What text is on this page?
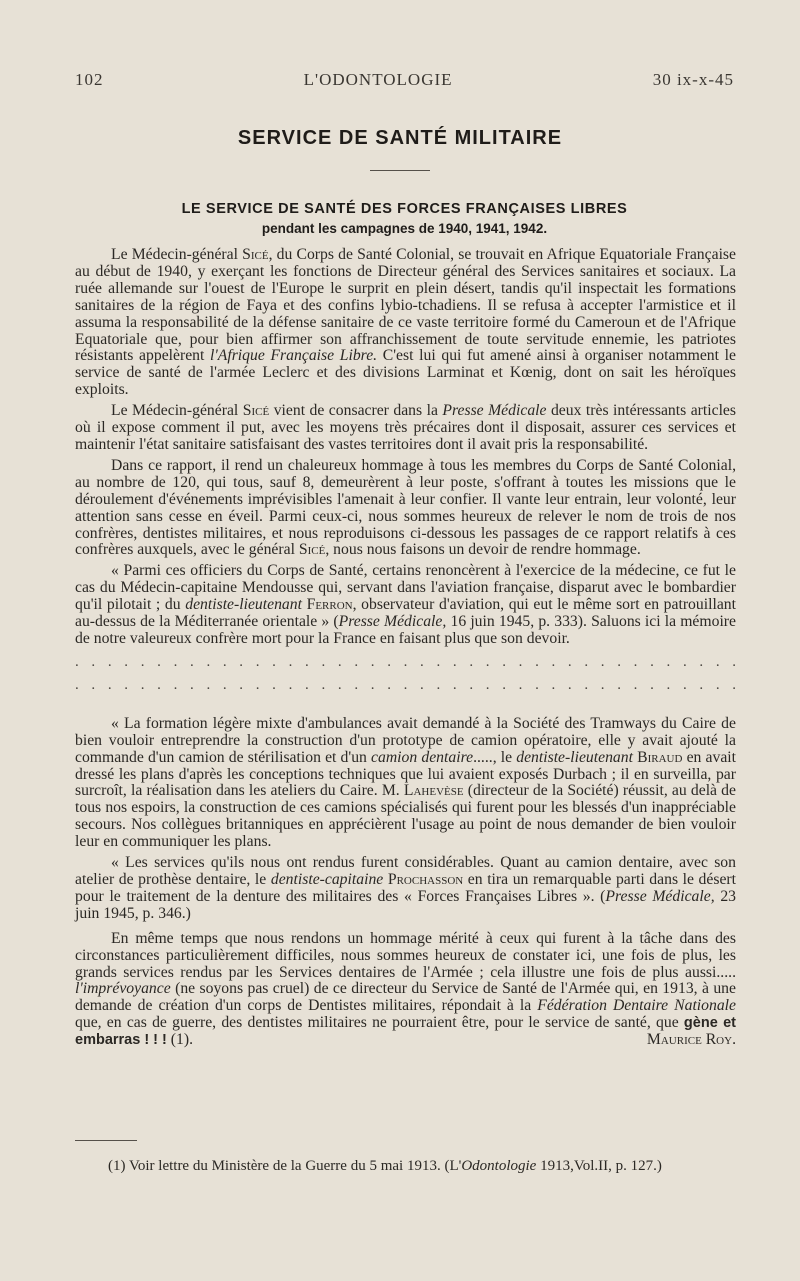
102	L'ODONTOLOGIE	30 ix-x-45
SERVICE DE SANTÉ MILITAIRE
LE SERVICE DE SANTÉ DES FORCES FRANÇAISES LIBRES
pendant les campagnes de 1940, 1941, 1942.

Le Médecin-général Sicé, du Corps de Santé Colonial, se trouvait en Afrique Equatoriale Française au début de 1940, y exerçant les fonctions de Directeur général des Services sanitaires et sociaux. La ruée allemande sur l'ouest de l'Europe le surprit en plein désert, tandis qu'il inspectait les formations sanitaires de la région de Faya et des confins lybio-tchadiens. Il se refusa à accepter l'armistice et il assuma la responsabilité de la défense sanitaire de ce vaste territoire formé du Cameroun et de l'Afrique Equatoriale que, pour bien affirmer son affranchissement de toute servitude ennemie, les patriotes résistants appelèrent l'Afrique Française Libre. C'est lui qui fut amené ainsi à organiser notamment le service de santé de l'armée Leclerc et des divisions Larminat et Kœnig, dont on sait les héroïques exploits.

Le Médecin-général Sicé vient de consacrer dans la Presse Médicale deux très intéressants articles où il expose comment il put, avec les moyens très précaires dont il disposait, assurer ces services et maintenir l'état sanitaire satisfaisant des vastes territoires dont il avait pris la responsabilité.

Dans ce rapport, il rend un chaleureux hommage à tous les membres du Corps de Santé Colonial, au nombre de 120, qui tous, sauf 8, demeurèrent à leur poste, s'offrant à toutes les missions que le déroulement d'événements imprévisibles l'amenait à leur confier. Il vante leur entrain, leur volonté, leur attention sans cesse en éveil. Parmi ceux-ci, nous sommes heureux de relever le nom de trois de nos confrères, dentistes militaires, et nous reproduisons ci-dessous les passages de ce rapport relatifs à ces confrères auxquels, avec le général Sicé, nous nous faisons un devoir de rendre hommage.

« Parmi ces officiers du Corps de Santé, certains renoncèrent à l'exercice de la médecine, ce fut le cas du Médecin-capitaine Mendousse qui, servant dans l'aviation française, disparut avec le bombardier qu'il pilotait ; du dentiste-lieutenant Ferron, observateur d'aviation, qui eut le même sort en patrouillant au-dessus de la Méditerranée orientale » (Presse Médicale, 16 juin 1945, p. 333). Saluons ici la mémoire de notre valeureux confrère mort pour la France en faisant plus que son devoir.

. . . . . . . . . . . . . . . . . . . . . . . . . . . . . . . . . . . . . . . . .
. . . . . . . . . . . . . . . . . . . . . . . . . . . . . . . . . . . . . . . . .

« La formation légère mixte d'ambulances avait demandé à la Société des Tramways du Caire de bien vouloir entreprendre la construction d'un prototype de camion opératoire, elle y avait ajouté la commande d'un camion de stérilisation et d'un camion dentaire....., le dentiste-lieutenant Biraud en avait dressé les plans d'après les conceptions techniques que lui avaient exposés Durbach ; il en surveilla, par surcroît, la réalisation dans les ateliers du Caire. M. Lahevèse (directeur de la Société) réussit, au delà de tous nos espoirs, la construction de ces camions spécialisés qui furent pour les blessés d'un inappréciable secours. Nos collègues britanniques en apprécièrent l'usage au point de nous demander de bien vouloir leur en communiquer les plans.

« Les services qu'ils nous ont rendus furent considérables. Quant au camion dentaire, avec son atelier de prothèse dentaire, le dentiste-capitaine Prochasson en tira un remarquable parti dans le désert pour le traitement de la denture des militaires des « Forces Françaises Libres ». (Presse Médicale, 23 juin 1945, p. 346.)

En même temps que nous rendons un hommage mérité à ceux qui furent à la tâche dans des circonstances particulièrement difficiles, nous sommes heureux de constater ici, une fois de plus, les grands services rendus par les Services dentaires de l'Armée ; cela illustre une fois de plus aussi..... l'imprévoyance (ne soyons pas cruel) de ce directeur du Service de Santé de l'Armée qui, en 1913, à une demande de création d'un corps de Dentistes militaires, répondait à la Fédération Dentaire Nationale que, en cas de guerre, des dentistes militaires ne pourraient être, pour le service de santé, que gène et embarras ! ! ! (1).	Maurice Roy.

(1) Voir lettre du Ministère de la Guerre du 5 mai 1913. (L'Odontologie 1913,Vol.II, p. 127.)
